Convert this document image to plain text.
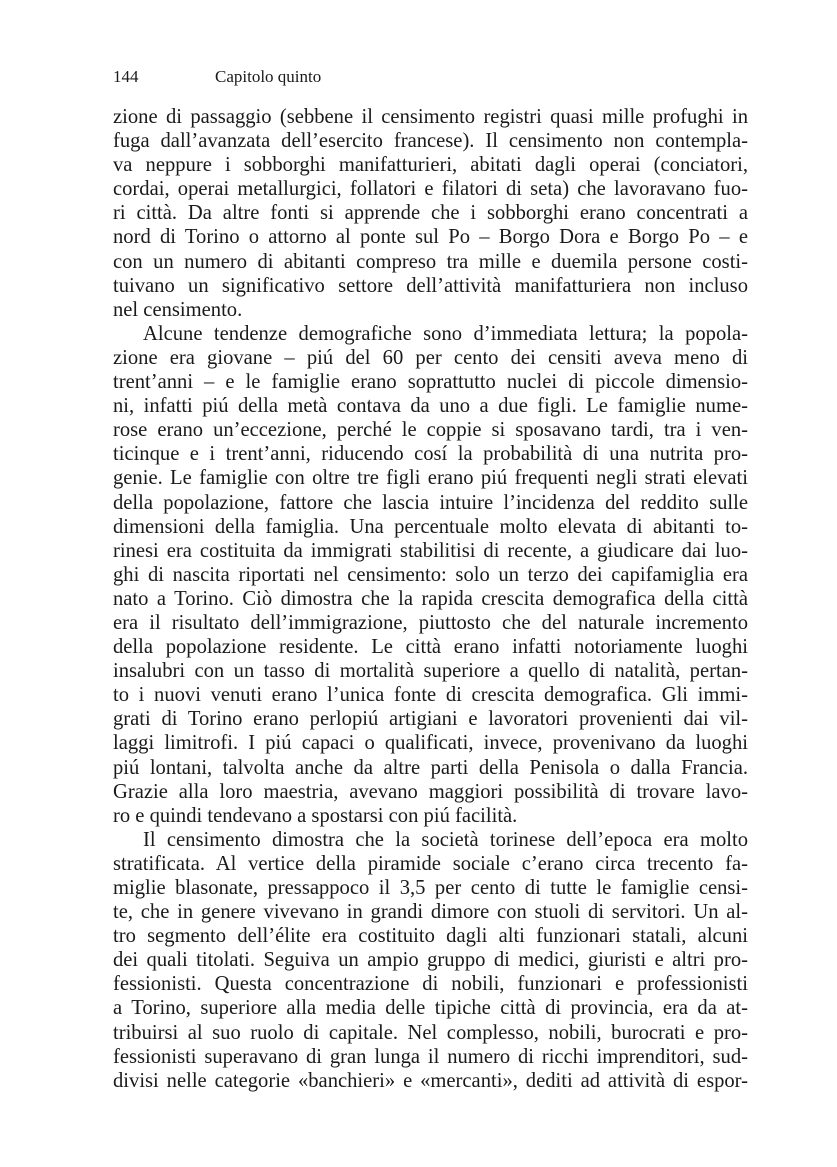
144	Capitolo quinto
zione di passaggio (sebbene il censimento registri quasi mille profughi in
fuga dall’avanzata dell’esercito francese). Il censimento non contempla-
va neppure i sobborghi manifatturieri, abitati dagli operai (conciatori,
cordai, operai metallurgici, follatori e filatori di seta) che lavoravano fuo-
ri città. Da altre fonti si apprende che i sobborghi erano concentrati a
nord di Torino o attorno al ponte sul Po – Borgo Dora e Borgo Po – e
con un numero di abitanti compreso tra mille e duemila persone costi-
tuivano un significativo settore dell’attività manifatturiera non incluso
nel censimento.
Alcune tendenze demografiche sono d’immediata lettura; la popola-
zione era giovane – piú del 60 per cento dei censiti aveva meno di
trent’anni – e le famiglie erano soprattutto nuclei di piccole dimensio-
ni, infatti piú della metà contava da uno a due figli. Le famiglie nume-
rose erano un’eccezione, perché le coppie si sposavano tardi, tra i ven-
ticinque e i trent’anni, riducendo cosí la probabilità di una nutrita pro-
genie. Le famiglie con oltre tre figli erano piú frequenti negli strati elevati
della popolazione, fattore che lascia intuire l’incidenza del reddito sulle
dimensioni della famiglia. Una percentuale molto elevata di abitanti to-
rinesi era costituita da immigrati stabilitisi di recente, a giudicare dai luo-
ghi di nascita riportati nel censimento: solo un terzo dei capifamiglia era
nato a Torino. Ciò dimostra che la rapida crescita demografica della città
era il risultato dell’immigrazione, piuttosto che del naturale incremento
della popolazione residente. Le città erano infatti notoriamente luoghi
insalubri con un tasso di mortalità superiore a quello di natalità, pertan-
to i nuovi venuti erano l’unica fonte di crescita demografica. Gli immi-
grati di Torino erano perlopiú artigiani e lavoratori provenienti dai vil-
laggi limitrofi. I piú capaci o qualificati, invece, provenivano da luoghi
piú lontani, talvolta anche da altre parti della Penisola o dalla Francia.
Grazie alla loro maestria, avevano maggiori possibilità di trovare lavo-
ro e quindi tendevano a spostarsi con piú facilità.
Il censimento dimostra che la società torinese dell’epoca era molto
stratificata. Al vertice della piramide sociale c’erano circa trecento fa-
miglie blasonate, pressappoco il 3,5 per cento di tutte le famiglie censi-
te, che in genere vivevano in grandi dimore con stuoli di servitori. Un al-
tro segmento dell’élite era costituito dagli alti funzionari statali, alcuni
dei quali titolati. Seguiva un ampio gruppo di medici, giuristi e altri pro-
fessionisti. Questa concentrazione di nobili, funzionari e professionisti
a Torino, superiore alla media delle tipiche città di provincia, era da at-
tribuirsi al suo ruolo di capitale. Nel complesso, nobili, burocrati e pro-
fessionisti superavano di gran lunga il numero di ricchi imprenditori, sud-
divisi nelle categorie «banchieri» e «mercanti», dediti ad attività di espor-
